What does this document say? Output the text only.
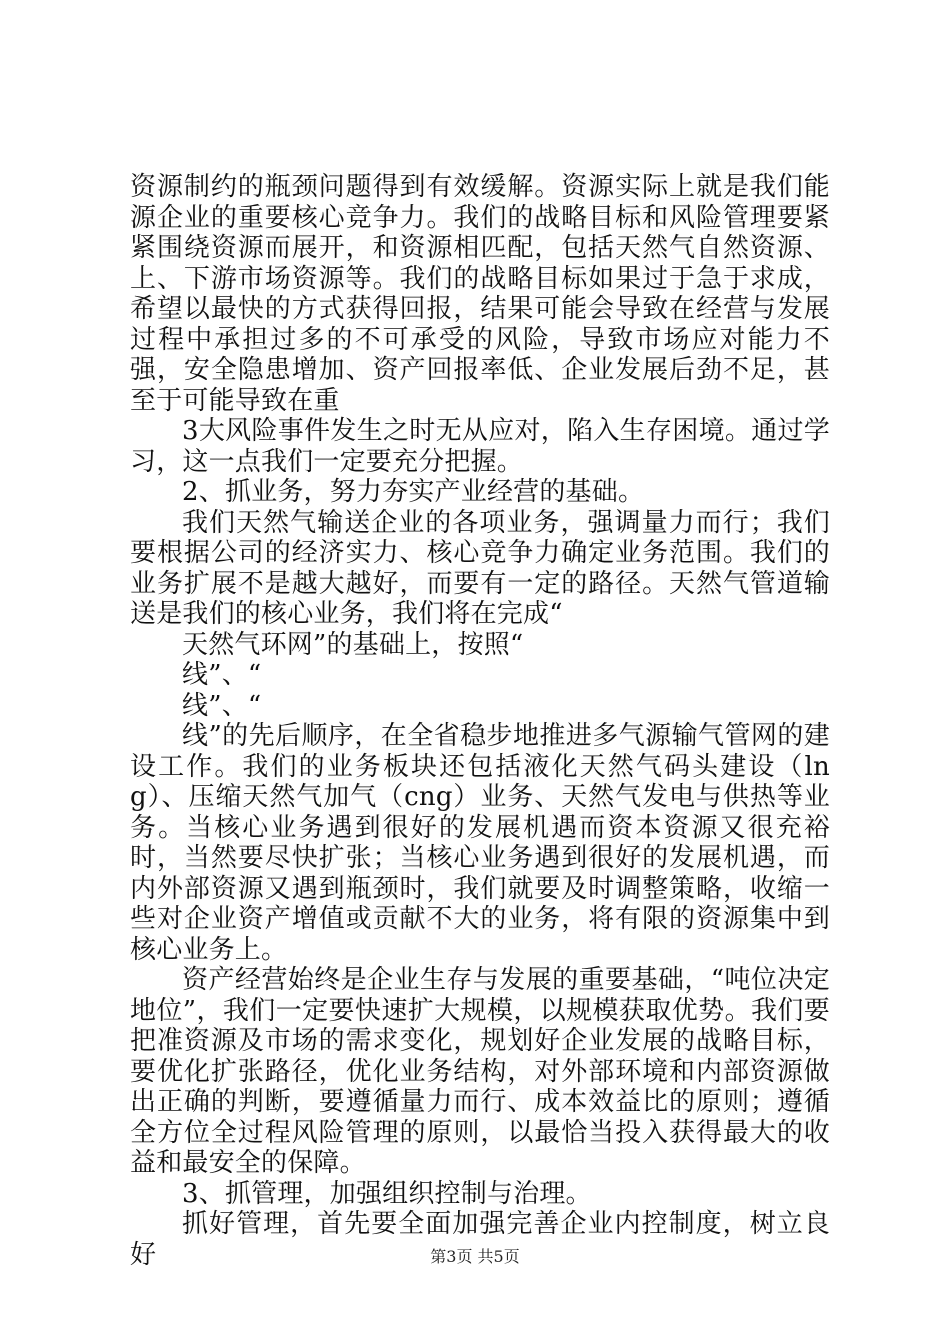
资源制约的瓶颈问题得到有效缓解。资源实际上就是我们能源企业的重要核心竞争力。我们的战略目标和风险管理要紧紧围绕资源而展开，和资源相匹配，包括天然气自然资源、上、下游市场资源等。我们的战略目标如果过于急于求成，希望以最快的方式获得回报，结果可能会导致在经营与发展过程中承担过多的不可承受的风险，导致市场应对能力不强，安全隐患增加、资产回报率低、企业发展后劲不足，甚至于可能导致在重

3大风险事件发生之时无从应对，陷入生存困境。通过学习，这一点我们一定要充分把握。

2、抓业务，努力夯实产业经营的基础。

我们天然气输送企业的各项业务，强调量力而行；我们要根据公司的经济实力、核心竞争力确定业务范围。我们的业务扩展不是越大越好，而要有一定的路径。天然气管道输送是我们的核心业务，我们将在完成“

天然气环网”的基础上，按照“

线”、“

线”、“

线”的先后顺序，在全省稳步地推进多气源输气管网的建设工作。我们的业务板块还包括液化天然气码头建设（lng）、压缩天然气加气（cng）业务、天然气发电与供热等业务。当核心业务遇到很好的发展机遇而资本资源又很充裕时，当然要尽快扩张；当核心业务遇到很好的发展机遇，而内外部资源又遇到瓶颈时，我们就要及时调整策略，收缩一些对企业资产增值或贡献不大的业务，将有限的资源集中到核心业务上。

资产经营始终是企业生存与发展的重要基础，“吨位决定地位”，我们一定要快速扩大规模，以规模获取优势。我们要把准资源及市场的需求变化，规划好企业发展的战略目标，要优化扩张路径，优化业务结构，对外部环境和内部资源做出正确的判断，要遵循量力而行、成本效益比的原则；遵循全方位全过程风险管理的原则，以最恰当投入获得最大的收益和最安全的保障。

3、抓管理，加强组织控制与治理。

抓好管理，首先要全面加强完善企业内控制度，树立良好	第3页 共5页
